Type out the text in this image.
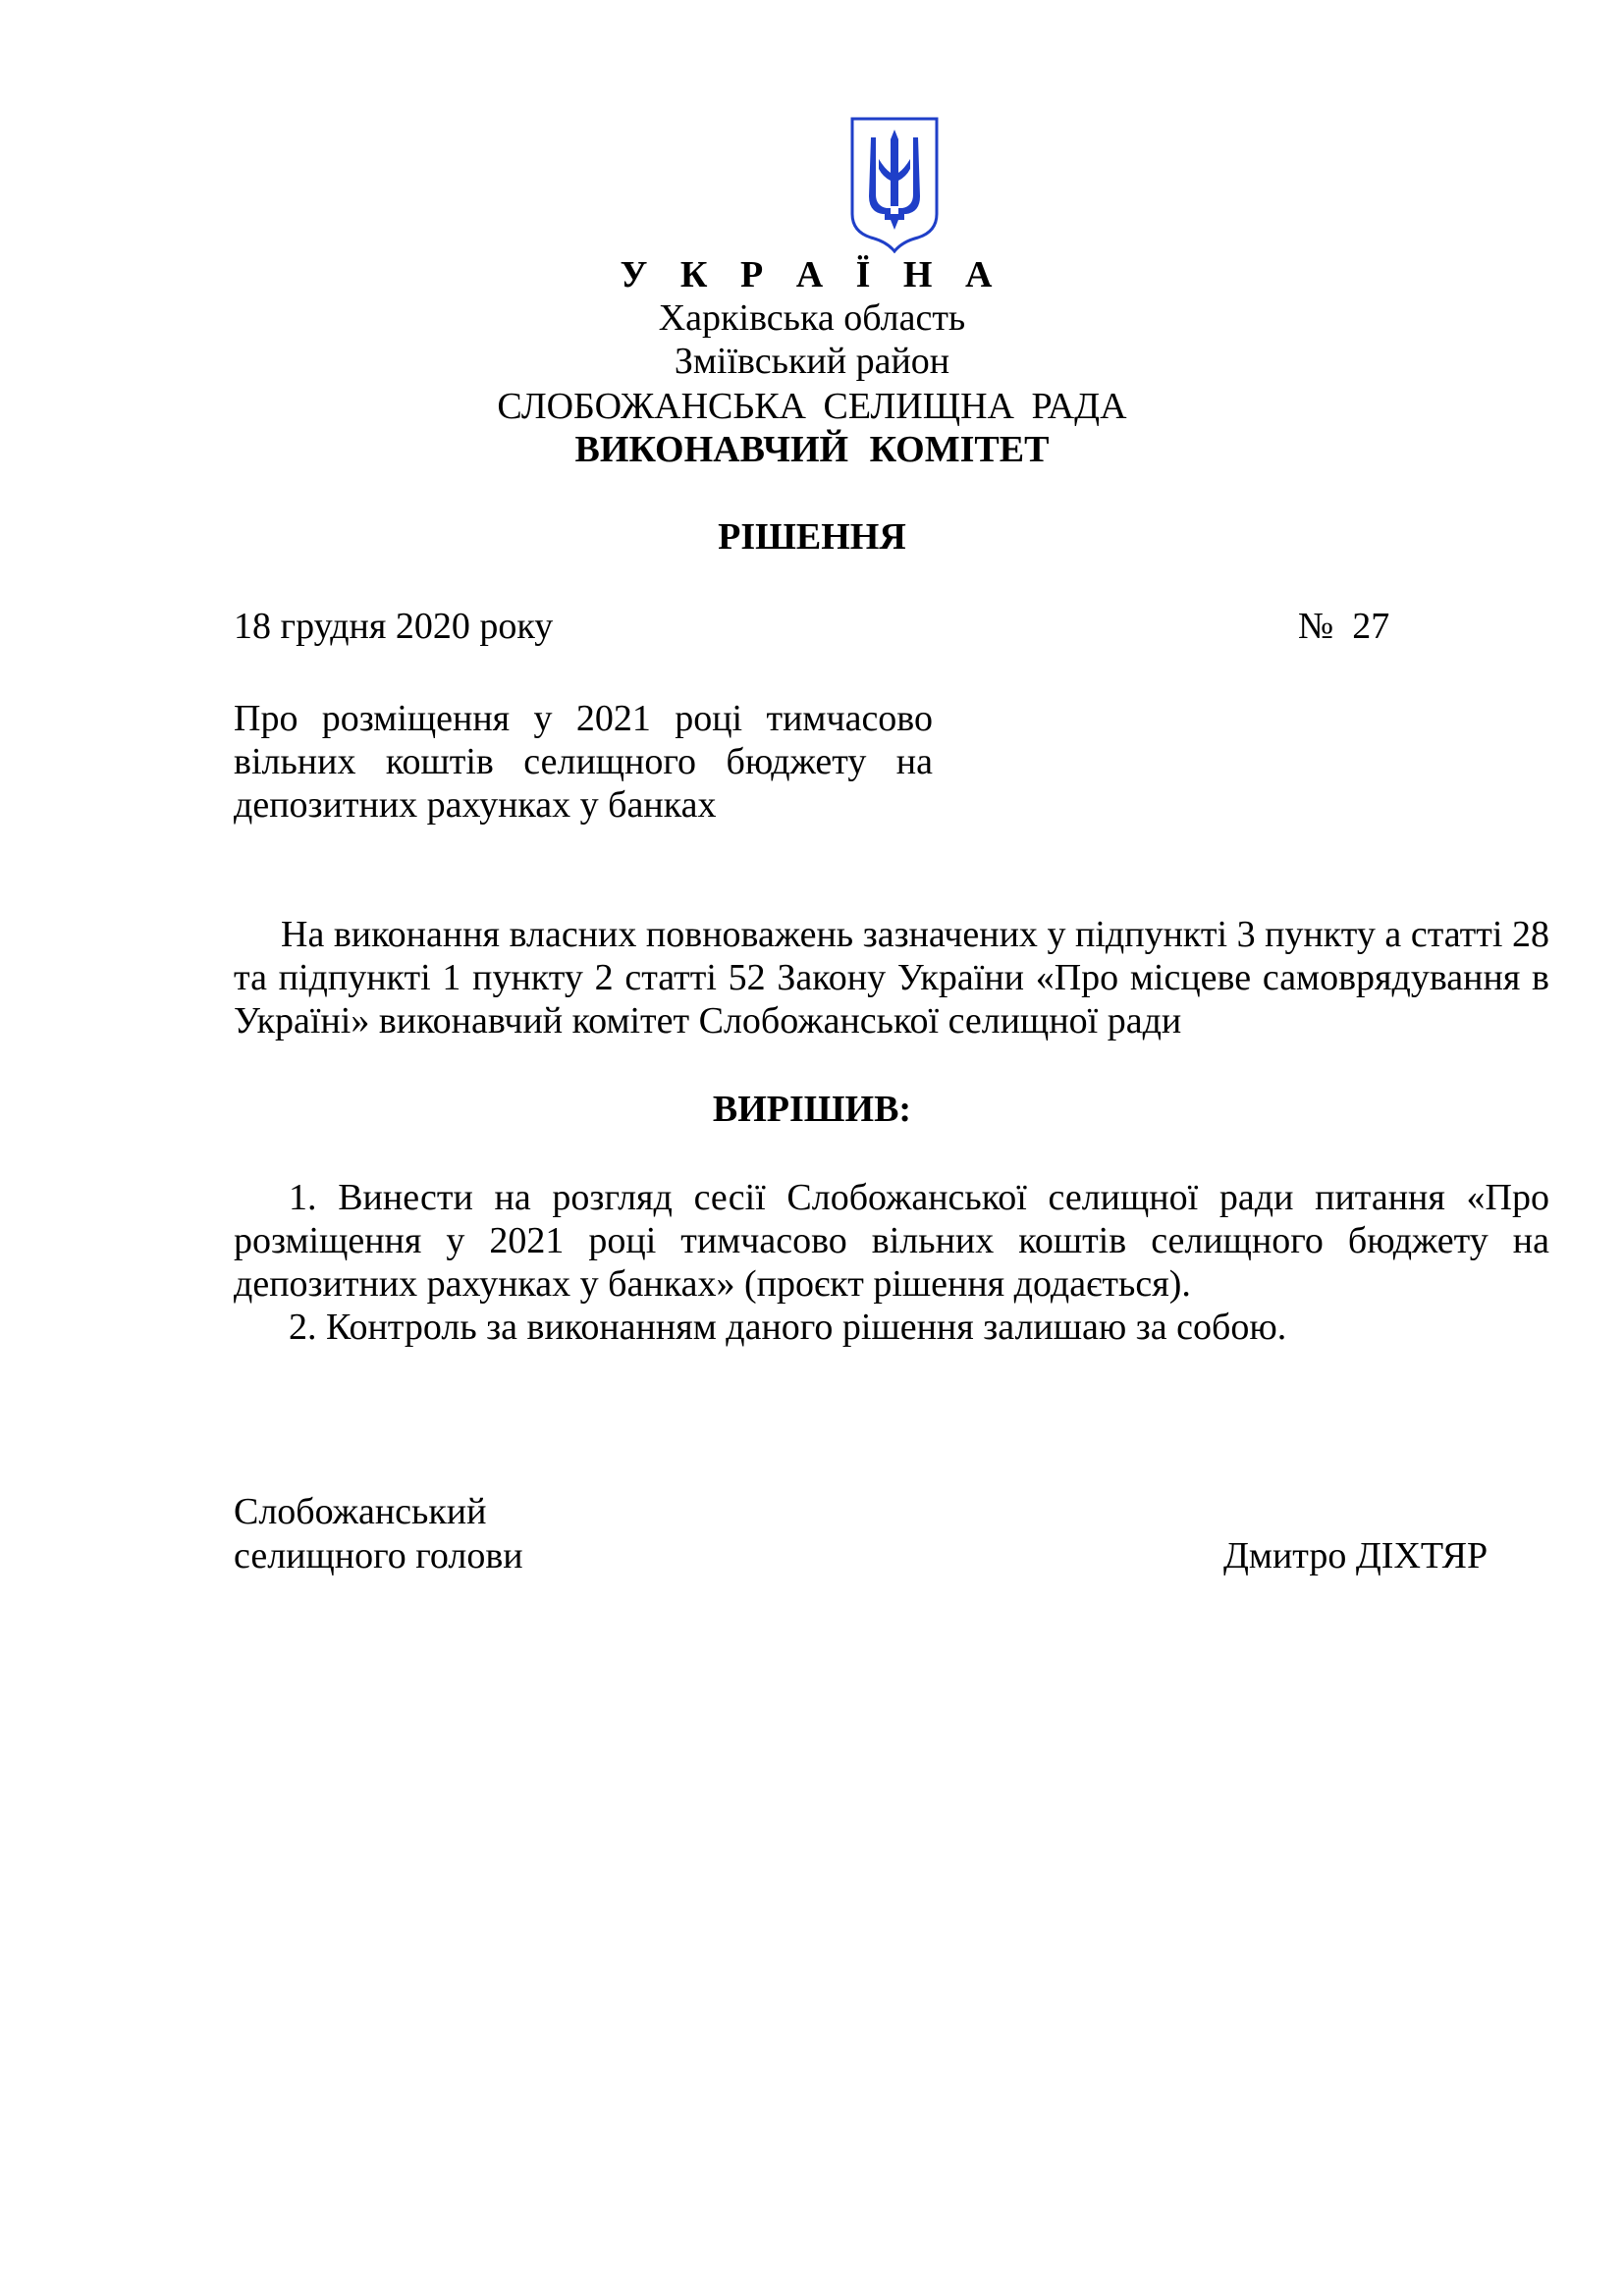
У К Р А Ї Н А
Харківська область
Зміївський район
СЛОБОЖАНСЬКА СЕЛИЩНА РАДА
ВИКОНАВЧИЙ КОМІТЕТ
РІШЕННЯ
18 грудня 2020 року	№  27
Про розміщення у 2021 році тимчасово вільних коштів селищного бюджету на депозитних рахунках у банках
На виконання власних повноважень зазначених у підпункті 3 пункту а статті 28 та підпункті 1 пункту 2 статті 52 Закону України «Про місцеве самоврядування в Україні» виконавчий комітет Слобожанської селищної ради
ВИРІШИВ:
1. Винести на розгляд сесії Слобожанської селищної ради питання «Про розміщення у 2021 році тимчасово вільних коштів селищного бюджету на депозитних рахунках у банках» (проєкт рішення додається).
2. Контроль за виконанням даного рішення залишаю за собою.
Слобожанський
селищного голови	Дмитро ДІХТЯР
